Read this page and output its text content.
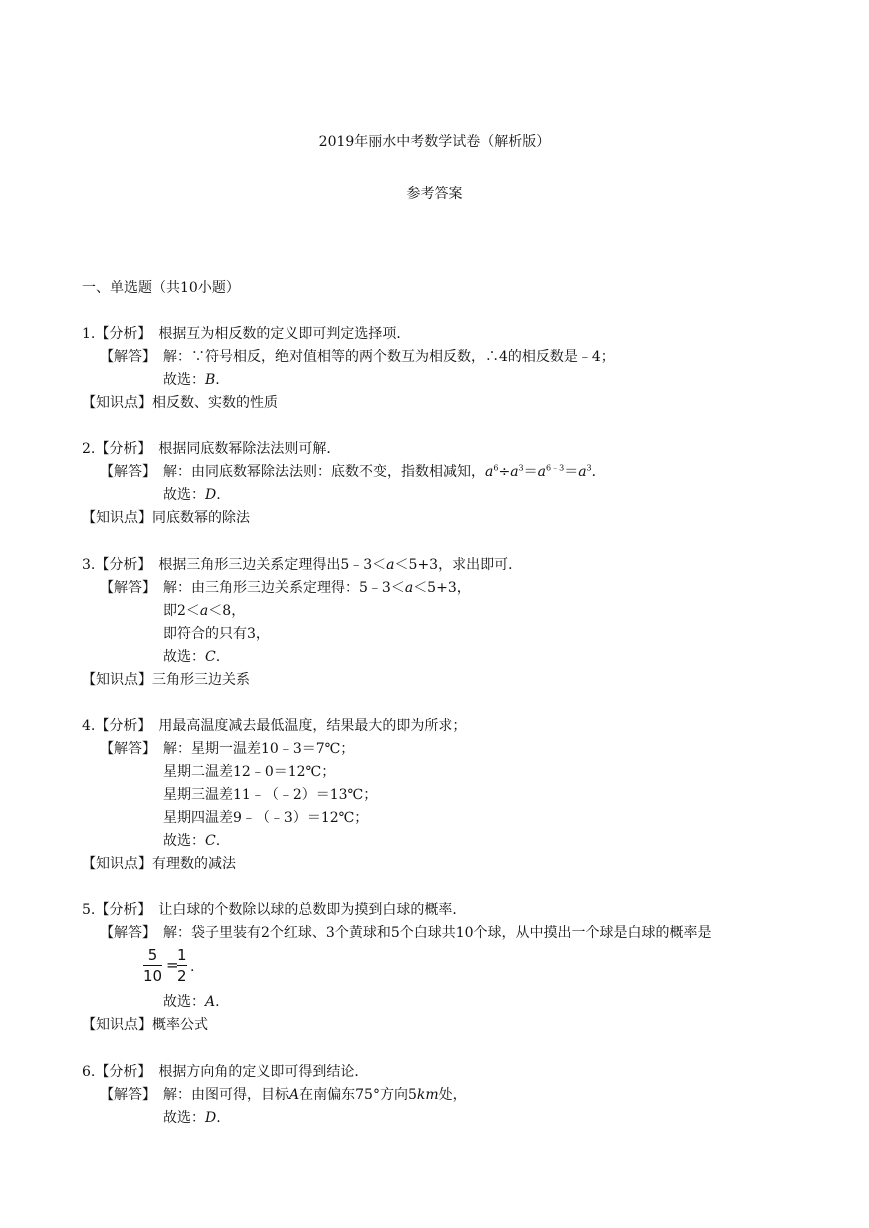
2019年丽水中考数学试卷（解析版）
参考答案
一、单选题（共10小题）
1.【分析】　根据互为相反数的定义即可判定选择项．
【解答】　解：∵符号相反，绝对值相等的两个数互为相反数，∴4的相反数是﹣4；
故选：B.
【知识点】相反数、实数的性质
2.【分析】　根据同底数幂除法法则可解．
【解答】　解：由同底数幂除法法则：底数不变，指数相减知，$a^6\div a^3=a^{6﹣3}=a^3$．
故选：D.
【知识点】同底数幂的除法
3.【分析】　根据三角形三边关系定理得出5﹣3＜a＜5+3，求出即可．
【解答】　解：由三角形三边关系定理得：5﹣3＜a＜5+3，
即2＜a＜8，
即符合的只有3，
故选：C.
【知识点】三角形三边关系
4.【分析】　用最高温度减去最低温度，结果最大的即为所求；
【解答】　解：星期一温差10﹣3＝7℃；
星期二温差12﹣0＝12℃；
星期三温差11﹣（﹣2）＝13℃；
星期四温差9﹣（﹣3）＝12℃；
故选：C.
【知识点】有理数的减法
5.【分析】　让白球的个数除以球的总数即为摸到白球的概率．
【解答】　解：袋子里装有2个红球、3个黄球和5个白球共10个球，从中摸出一个球是白球的概率是
5
10
=
1
2 .
故选：A.
【知识点】概率公式
6.【分析】　根据方向角的定义即可得到结论．
【解答】　解：由图可得，目标A在南偏东75°方向5km处，
故选：D.
